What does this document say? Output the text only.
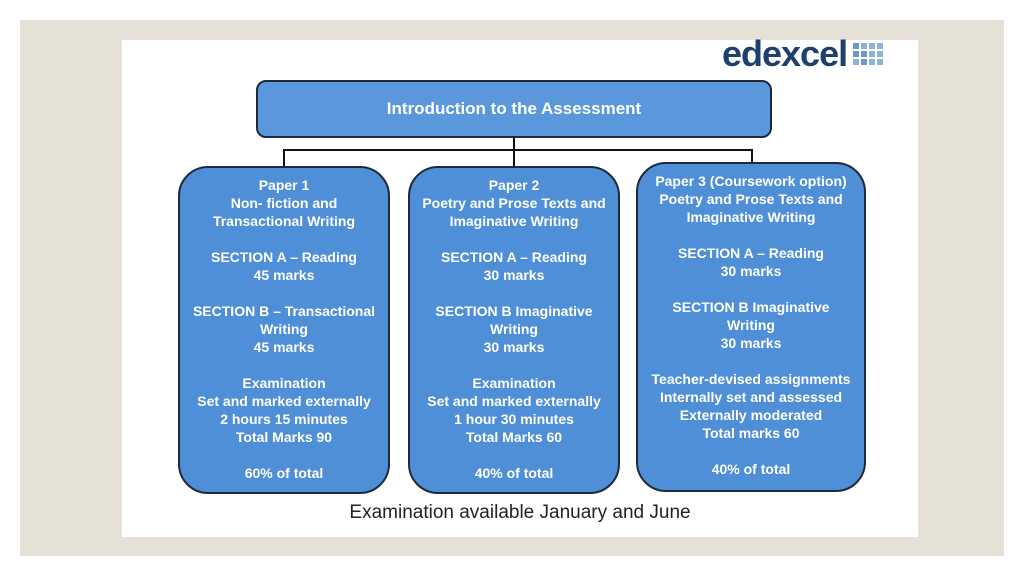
edexcel
Introduction to the Assessment
Paper 1
Non- fiction and
Transactional Writing
SECTION A – Reading
45 marks
SECTION B – Transactional
Writing
45 marks
Examination
Set and marked externally
2 hours 15 minutes
Total Marks 90
60% of total
Paper 2
Poetry and Prose Texts and
Imaginative Writing
SECTION A – Reading
30 marks
SECTION B Imaginative
Writing
30 marks
Examination
Set and marked externally
1 hour 30 minutes
Total Marks 60
40% of total
Paper 3 (Coursework option)
Poetry and Prose Texts and
Imaginative Writing
SECTION A – Reading
30 marks
SECTION B Imaginative
Writing
30 marks
Teacher-devised assignments
Internally set and assessed
Externally moderated
Total marks 60
40% of total
Examination available January and June
